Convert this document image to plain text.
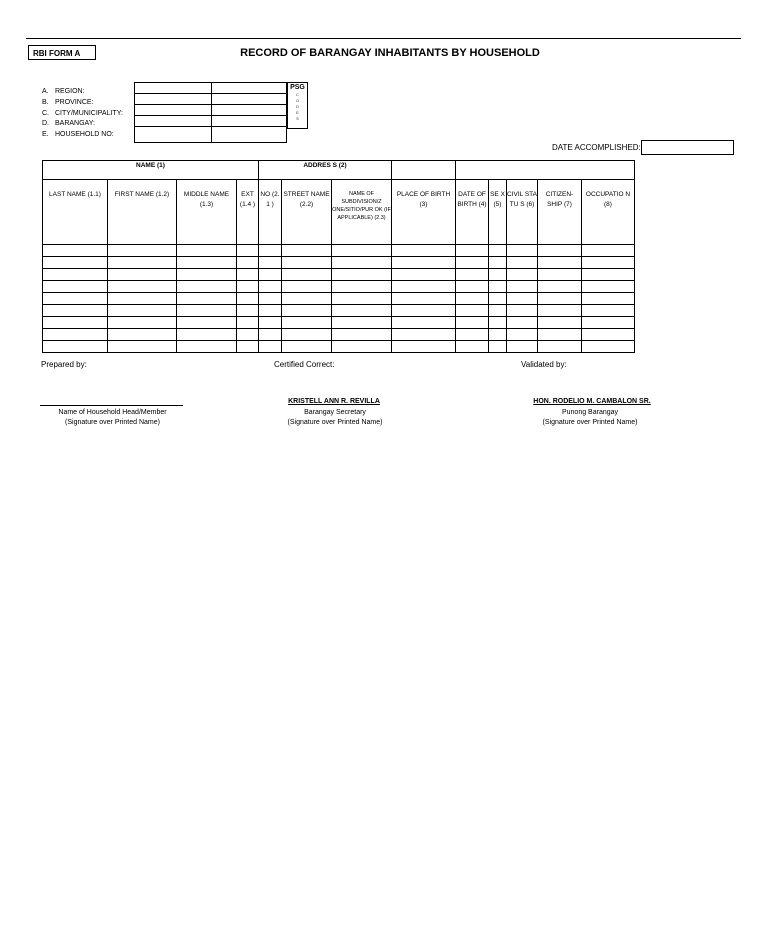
RBI FORM A	RECORD OF BARANGAY INHABITANTS BY HOUSEHOLD
A. REGION:
B. PROVINCE:
C. CITY/MUNICIPALITY:
D. BARANGAY:
E. HOUSEHOLD NO:

PSG
CODES
DATE ACCOMPLISHED:
NAME (1)				ADDRES S (2)								
LAST NAME (1.1)	FIRST NAME (1.2)	MIDDLE NAME (1.3)	EXT (1.4 )	NO (2.1 )	STREET NAME (2.2)	NAME OF SUBDIVISION/Z ONE/SITIO/PUR OK (IF APPLICABLE) (2.3)	PLACE OF BIRTH (3)	DATE OF BIRTH (4)	SE X (5)	CIVIL STATU S (6)	CITIZEN- SHIP (7)	OCCUPATIO N (8)

Prepared by:	Certified Correct:	Validated by:
KRISTELL ANN R. REVILLA	HON. RODELIO M. CAMBALON SR.
Name of Household Head/Member
(Signature over Printed Name)
Barangay Secretary
(Signature over Printed Name)
Punong Barangay
(Signature over Printed Name)
